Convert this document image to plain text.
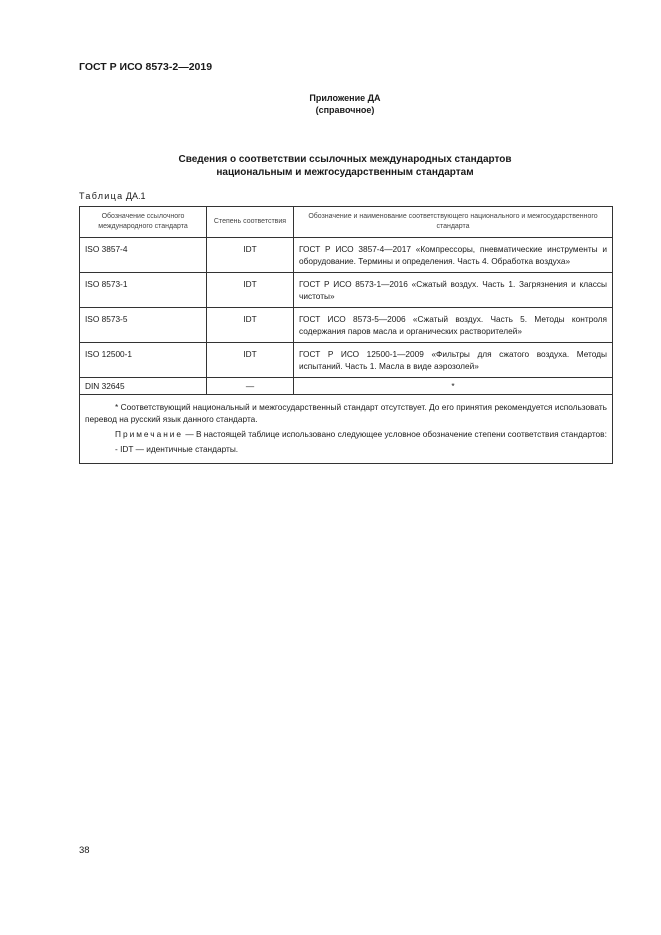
ГОСТ Р ИСО 8573-2—2019
Приложение ДА
(справочное)
Сведения о соответствии ссылочных международных стандартов
национальным и межгосударственным стандартам
Таблица ДА.1
Обозначение ссылочного международного стандарта	Степень соответствия	Обозначение и наименование соответствующего национального и межгосударственного стандарта
ISO 3857-4	IDT	ГОСТ Р ИСО 3857-4—2017 «Компрессоры, пневматические инструменты и оборудование. Термины и определения. Часть 4. Обработка воздуха»
ISO 8573-1	IDT	ГОСТ Р ИСО 8573-1—2016 «Сжатый воздух. Часть 1. Загрязнения и классы чистоты»
ISO 8573-5	IDT	ГОСТ ИСО 8573-5—2006 «Сжатый воздух. Часть 5. Методы контроля содержания паров масла и органических растворителей»
ISO 12500-1	IDT	ГОСТ Р ИСО 12500-1—2009 «Фильтры для сжатого воздуха. Методы испытаний. Часть 1. Масла в виде аэрозолей»
DIN 32645	—	*

* Соответствующий национальный и межгосударственный стандарт отсутствует. До его принятия рекомендуется использовать перевод на русский язык данного стандарта.

Примечание — В настоящей таблице использовано следующее условное обозначение степени соответствия стандартов:

- IDT — идентичные стандарты.		

38
